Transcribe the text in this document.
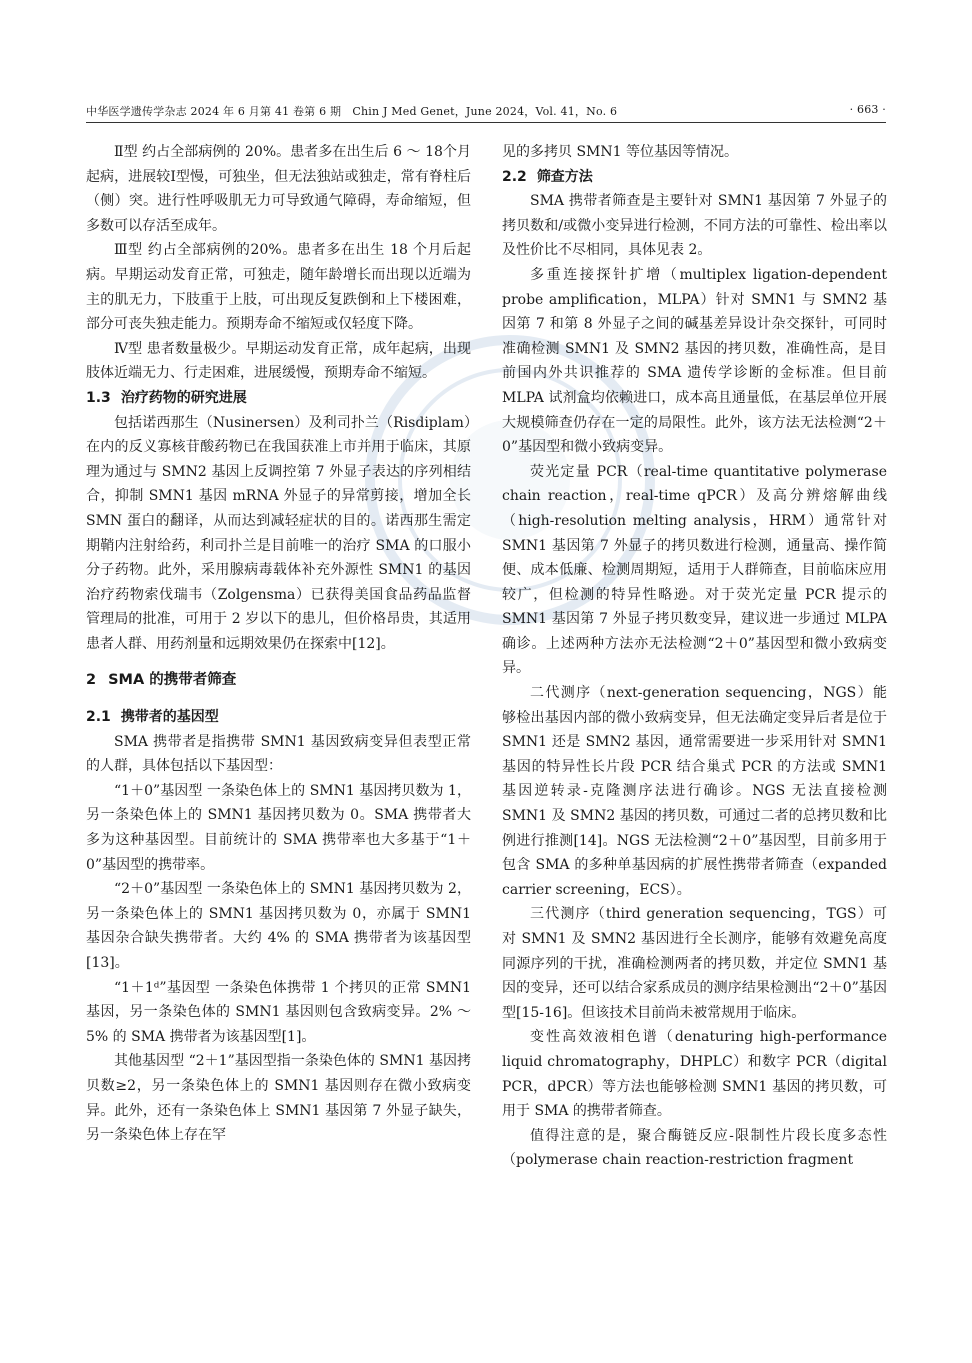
中华医学遗传学杂志 2024 年 6 月第 41 卷第 6 期　Chin J Med Genet，June 2024，Vol. 41，No. 6	· 663 ·

Ⅱ型 约占全部病例的 20%。患者多在出生后 6 ～ 18个月起病，进展较Ⅰ型慢，可独坐，但无法独站或独走，常有脊柱后（侧）突。进行性呼吸肌无力可导致通气障碍，寿命缩短，但多数可以存活至成年。

Ⅲ型 约占全部病例的20%。患者多在出生 18 个月后起病。早期运动发育正常，可独走，随年龄增长而出现以近端为主的肌无力，下肢重于上肢，可出现反复跌倒和上下楼困难，部分可丧失独走能力。预期寿命不缩短或仅轻度下降。

Ⅳ型 患者数量极少。早期运动发育正常，成年起病，出现肢体近端无力、行走困难，进展缓慢，预期寿命不缩短。

1.3 治疗药物的研究进展

包括诺西那生（Nusinersen）及利司扑兰（Risdiplam）在内的反义寡核苷酸药物已在我国获准上市并用于临床，其原理为通过与 SMN2 基因上反调控第 7 外显子表达的序列相结合，抑制 SMN1 基因 mRNA 外显子的异常剪接，增加全长 SMN 蛋白的翻译，从而达到减轻症状的目的。诺西那生需定期鞘内注射给药，利司扑兰是目前唯一的治疗 SMA 的口服小分子药物。此外，采用腺病毒载体补充外源性 SMN1 的基因治疗药物索伐瑞韦（Zolgensma）已获得美国食品药品监督管理局的批准，可用于 2 岁以下的患儿，但价格昂贵，其适用患者人群、用药剂量和远期效果仍在探索中[12]。

2 SMA 的携带者筛查
2.1 携带者的基因型

SMA 携带者是指携带 SMN1 基因致病变异但表型正常的人群，具体包括以下基因型：

“1＋0”基因型 一条染色体上的 SMN1 基因拷贝数为 1，另一条染色体上的 SMN1 基因拷贝数为 0。SMA 携带者大多为这种基因型。目前统计的 SMA 携带率也大多基于“1＋0”基因型的携带率。

“2＋0”基因型 一条染色体上的 SMN1 基因拷贝数为 2，另一条染色体上的 SMN1 基因拷贝数为 0，亦属于 SMN1 基因杂合缺失携带者。大约 4% 的 SMA 携带者为该基因型[13]。

“1＋1ᵈ”基因型 一条染色体携带 1 个拷贝的正常 SMN1 基因，另一条染色体的 SMN1 基因则包含致病变异。2% ～ 5% 的 SMA 携带者为该基因型[1]。

其他基因型 “2＋1”基因型指一条染色体的 SMN1 基因拷贝数≥2，另一条染色体上的 SMN1 基因则存在微小致病变异。此外，还有一条染色体上 SMN1 基因第 7 外显子缺失，另一条染色体上存在罕

见的多拷贝 SMN1 等位基因等情况。

2.2 筛查方法

SMA 携带者筛查是主要针对 SMN1 基因第 7 外显子的拷贝数和/或微小变异进行检测，不同方法的可靠性、检出率以及性价比不尽相同，具体见表 2。

多重连接探针扩增（multiplex ligation-dependent probe amplification，MLPA）针对 SMN1 与 SMN2 基因第 7 和第 8 外显子之间的碱基差异设计杂交探针，可同时准确检测 SMN1 及 SMN2 基因的拷贝数，准确性高，是目前国内外共识推荐的 SMA 遗传学诊断的金标准。但目前 MLPA 试剂盒均依赖进口，成本高且通量低，在基层单位开展大规模筛查仍存在一定的局限性。此外，该方法无法检测“2＋0”基因型和微小致病变异。

荧光定量 PCR（real-time quantitative polymerase chain reaction，real-time qPCR）及高分辨熔解曲线（high-resolution melting analysis，HRM）通常针对 SMN1 基因第 7 外显子的拷贝数进行检测，通量高、操作简便、成本低廉、检测周期短，适用于人群筛查，目前临床应用较广，但检测的特异性略逊。对于荧光定量 PCR 提示的 SMN1 基因第 7 外显子拷贝数变异，建议进一步通过 MLPA 确诊。上述两种方法亦无法检测“2＋0”基因型和微小致病变异。

二代测序（next-generation sequencing，NGS）能够检出基因内部的微小致病变异，但无法确定变异后者是位于 SMN1 还是 SMN2 基因，通常需要进一步采用针对 SMN1 基因的特异性长片段 PCR 结合巢式 PCR 的方法或 SMN1 基因逆转录-克隆测序法进行确诊。NGS 无法直接检测 SMN1 及 SMN2 基因的拷贝数，可通过二者的总拷贝数和比例进行推测[14]。NGS 无法检测“2＋0”基因型，目前多用于包含 SMA 的多种单基因病的扩展性携带者筛查（expanded carrier screening，ECS）。

三代测序（third generation sequencing，TGS）可对 SMN1 及 SMN2 基因进行全长测序，能够有效避免高度同源序列的干扰，准确检测两者的拷贝数，并定位 SMN1 基因的变异，还可以结合家系成员的测序结果检测出“2＋0”基因型[15-16]。但该技术目前尚未被常规用于临床。

变性高效液相色谱（denaturing high-performance liquid chromatography，DHPLC）和数字 PCR（digital PCR，dPCR）等方法也能够检测 SMN1 基因的拷贝数，可用于 SMA 的携带者筛查。

值得注意的是，聚合酶链反应-限制性片段长度多态性（polymerase chain reaction-restriction fragment
